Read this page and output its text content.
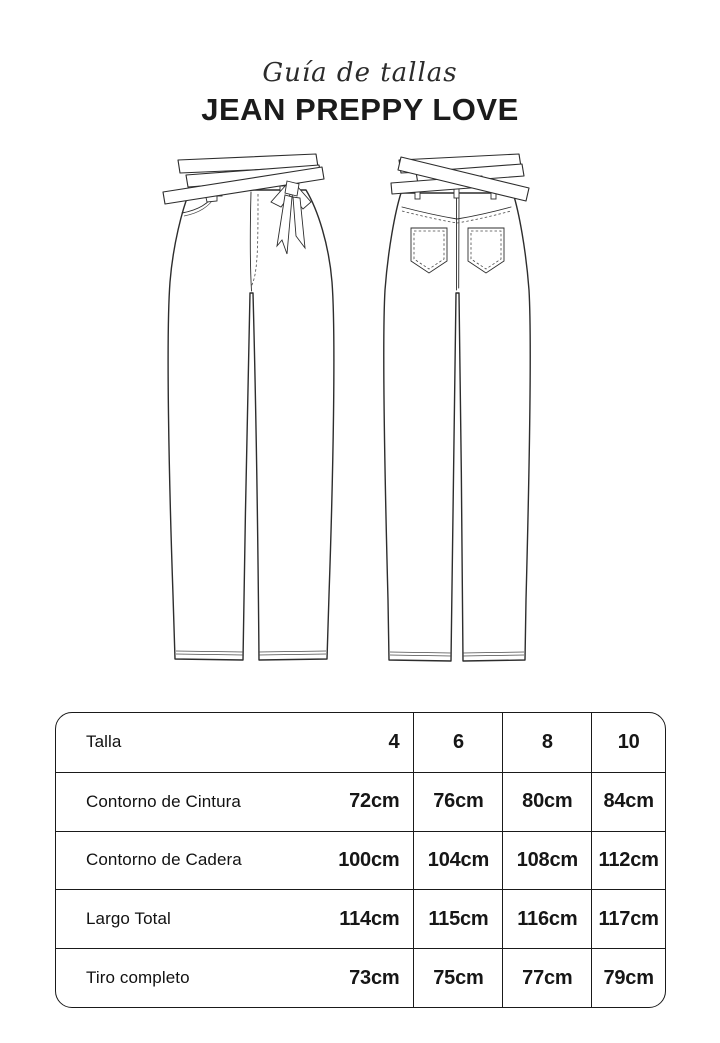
Guía de tallas
JEAN PREPPY LOVE
Talla	4	6	8	10
Contorno de Cintura	72cm 76cm 80cm 84cm
Contorno de Cadera	100cm 104cm 108cm 112cm
Largo Total	114cm 115cm 116cm 117cm
Tiro completo	73cm 75cm 77cm 79cm
